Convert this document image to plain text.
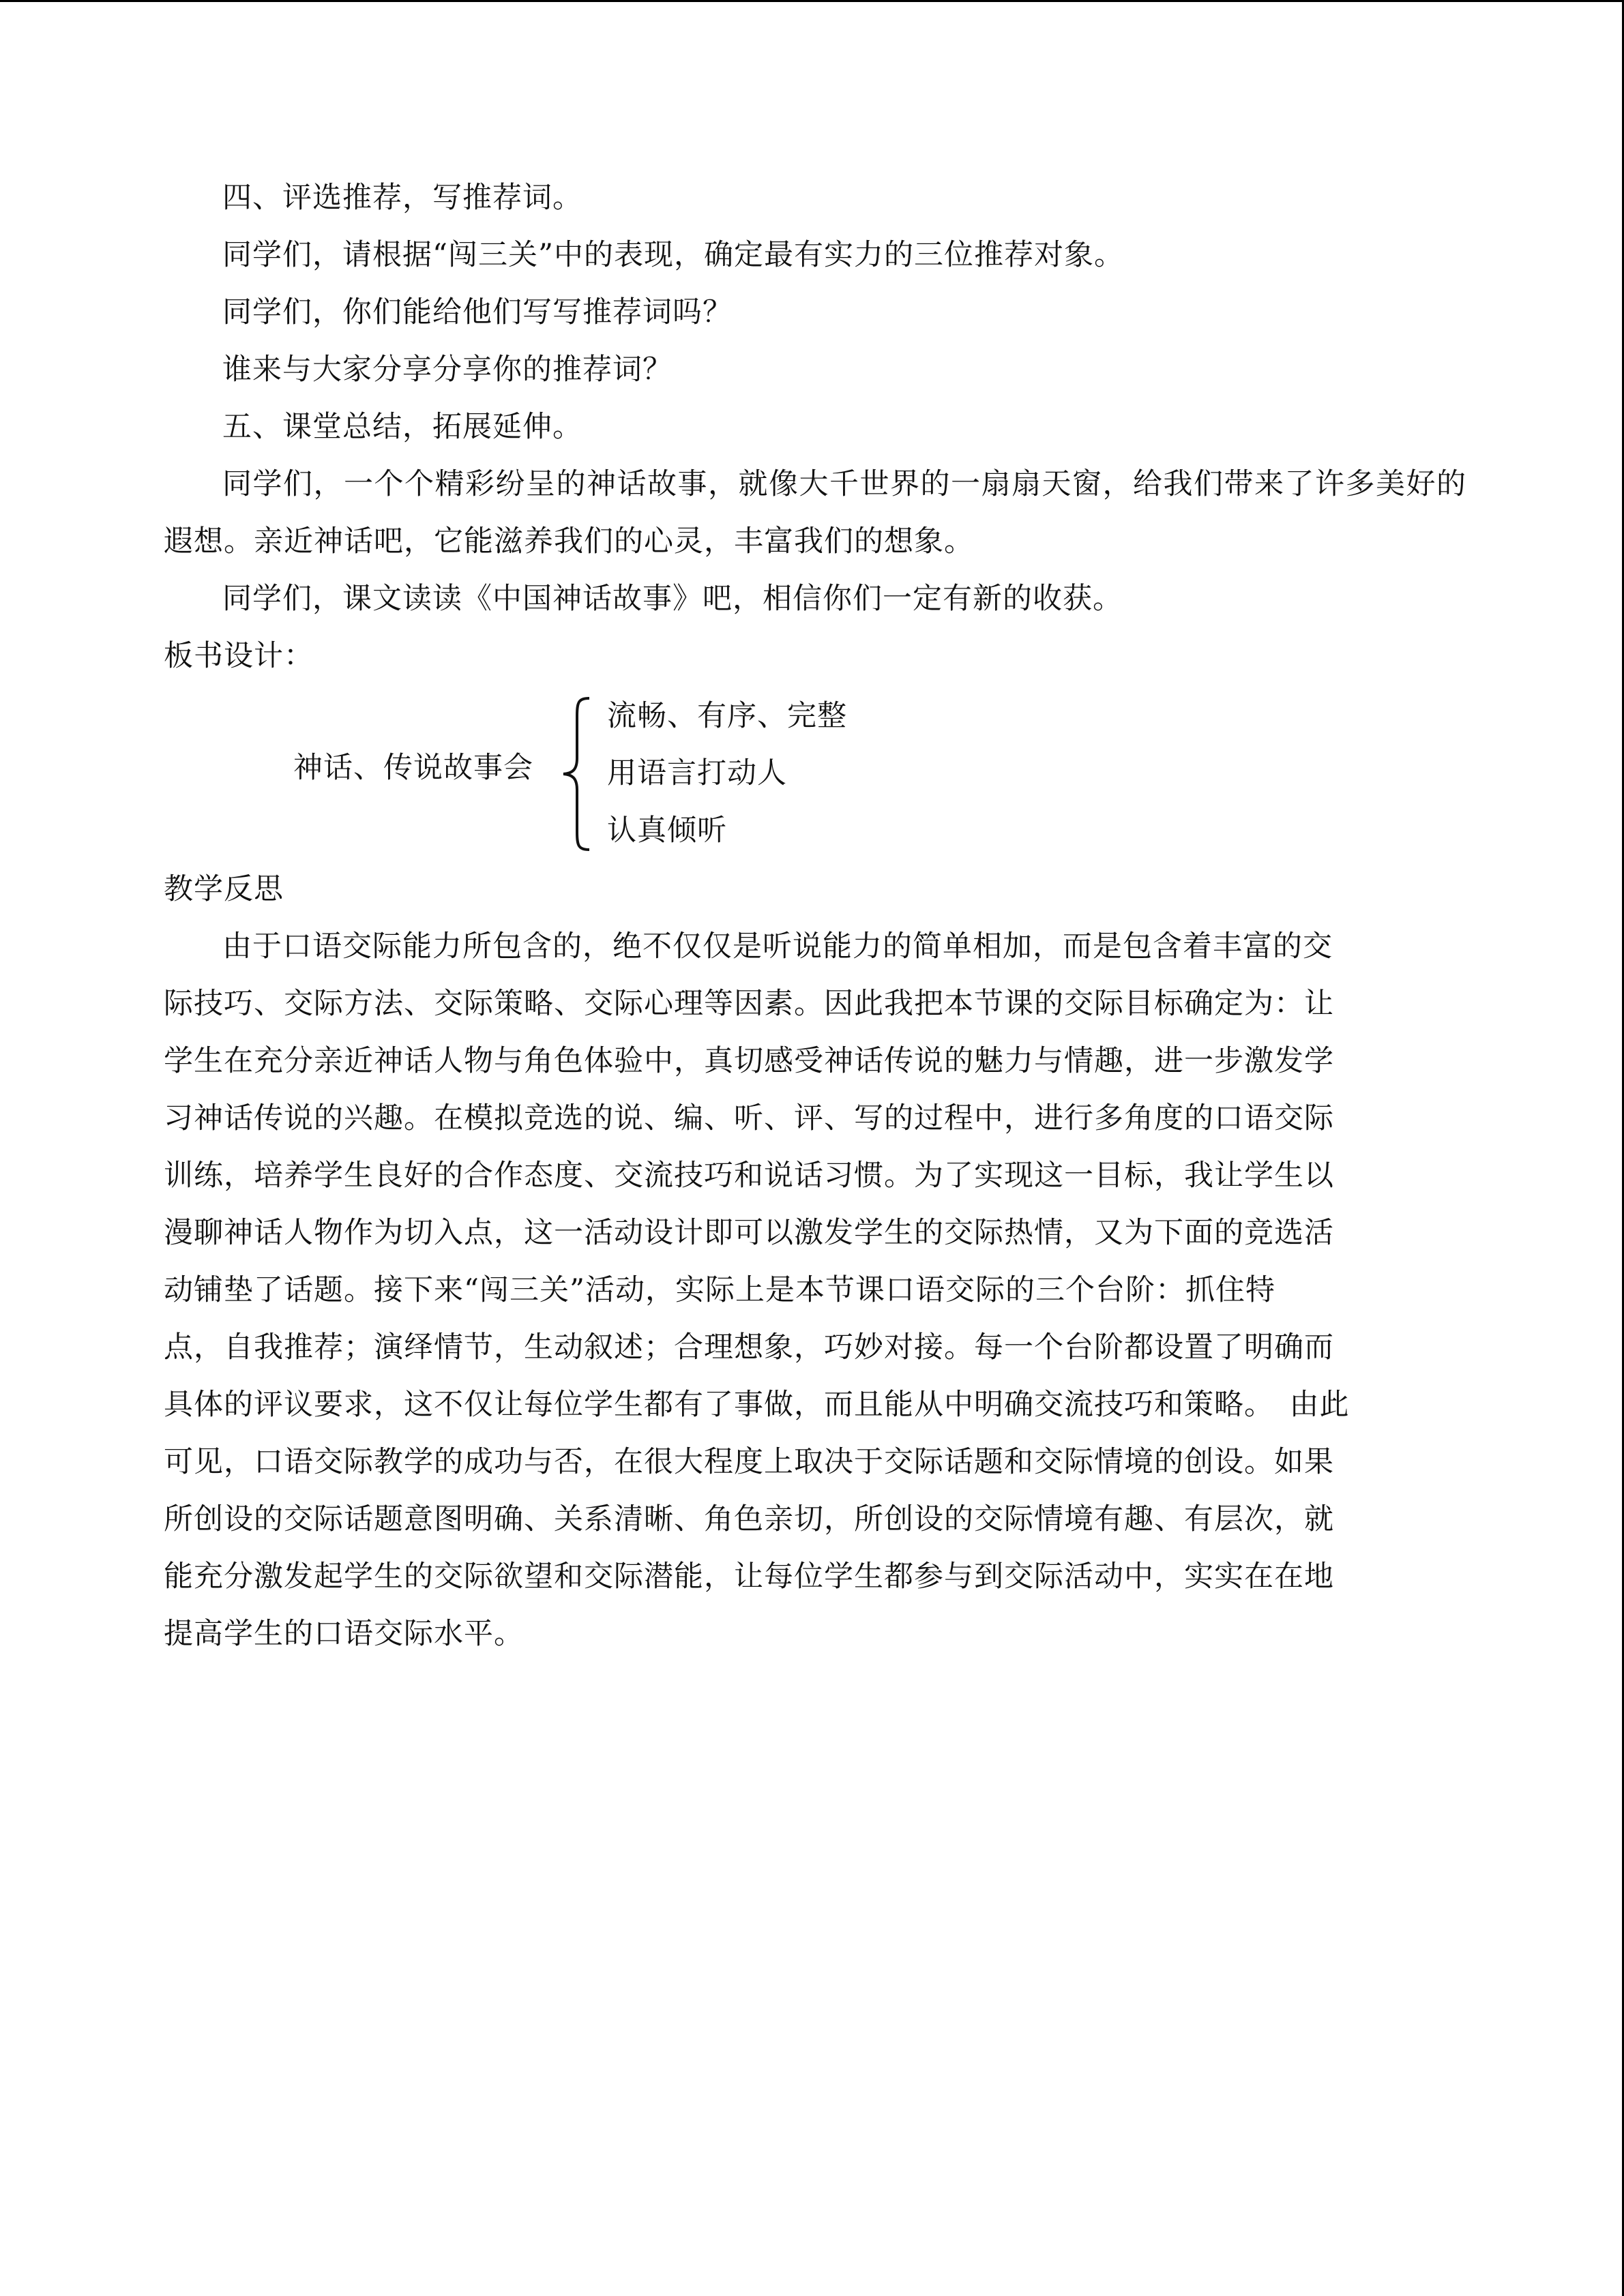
四、评选推荐，写推荐词。

同学们，请根据“闯三关”中的表现，确定最有实力的三位推荐对象。

同学们，你们能给他们写写推荐词吗？

谁来与大家分享分享你的推荐词？

五、课堂总结，拓展延伸。

同学们，一个个精彩纷呈的神话故事，就像大千世界的一扇扇天窗，给我们带来了许多美好的遐想。亲近神话吧，它能滋养我们的心灵，丰富我们的想象。

同学们，课文读读《中国神话故事》吧，相信你们一定有新的收获。

板书设计：

神话、传说故事会
流畅、有序、完整
用语言打动人
认真倾听

教学反思

由于口语交际能力所包含的，绝不仅仅是听说能力的简单相加，而是包含着丰富的交

际技巧、交际方法、交际策略、交际心理等因素。因此我把本节课的交际目标确定为：让

学生在充分亲近神话人物与角色体验中，真切感受神话传说的魅力与情趣，进一步激发学

习神话传说的兴趣。在模拟竞选的说、编、听、评、写的过程中，进行多角度的口语交际

训练，培养学生良好的合作态度、交流技巧和说话习惯。为了实现这一目标，我让学生以

漫聊神话人物作为切入点，这一活动设计即可以激发学生的交际热情，又为下面的竞选活

动铺垫了话题。接下来“闯三关”活动，实际上是本节课口语交际的三个台阶：抓住特

点，自我推荐；演绎情节，生动叙述；合理想象，巧妙对接。每一个台阶都设置了明确而

具体的评议要求，这不仅让每位学生都有了事做，而且能从中明确交流技巧和策略。　由此

可见，口语交际教学的成功与否，在很大程度上取决于交际话题和交际情境的创设。如果

所创设的交际话题意图明确、关系清晰、角色亲切，所创设的交际情境有趣、有层次，就

能充分激发起学生的交际欲望和交际潜能，让每位学生都参与到交际活动中，实实在在地

提高学生的口语交际水平。
